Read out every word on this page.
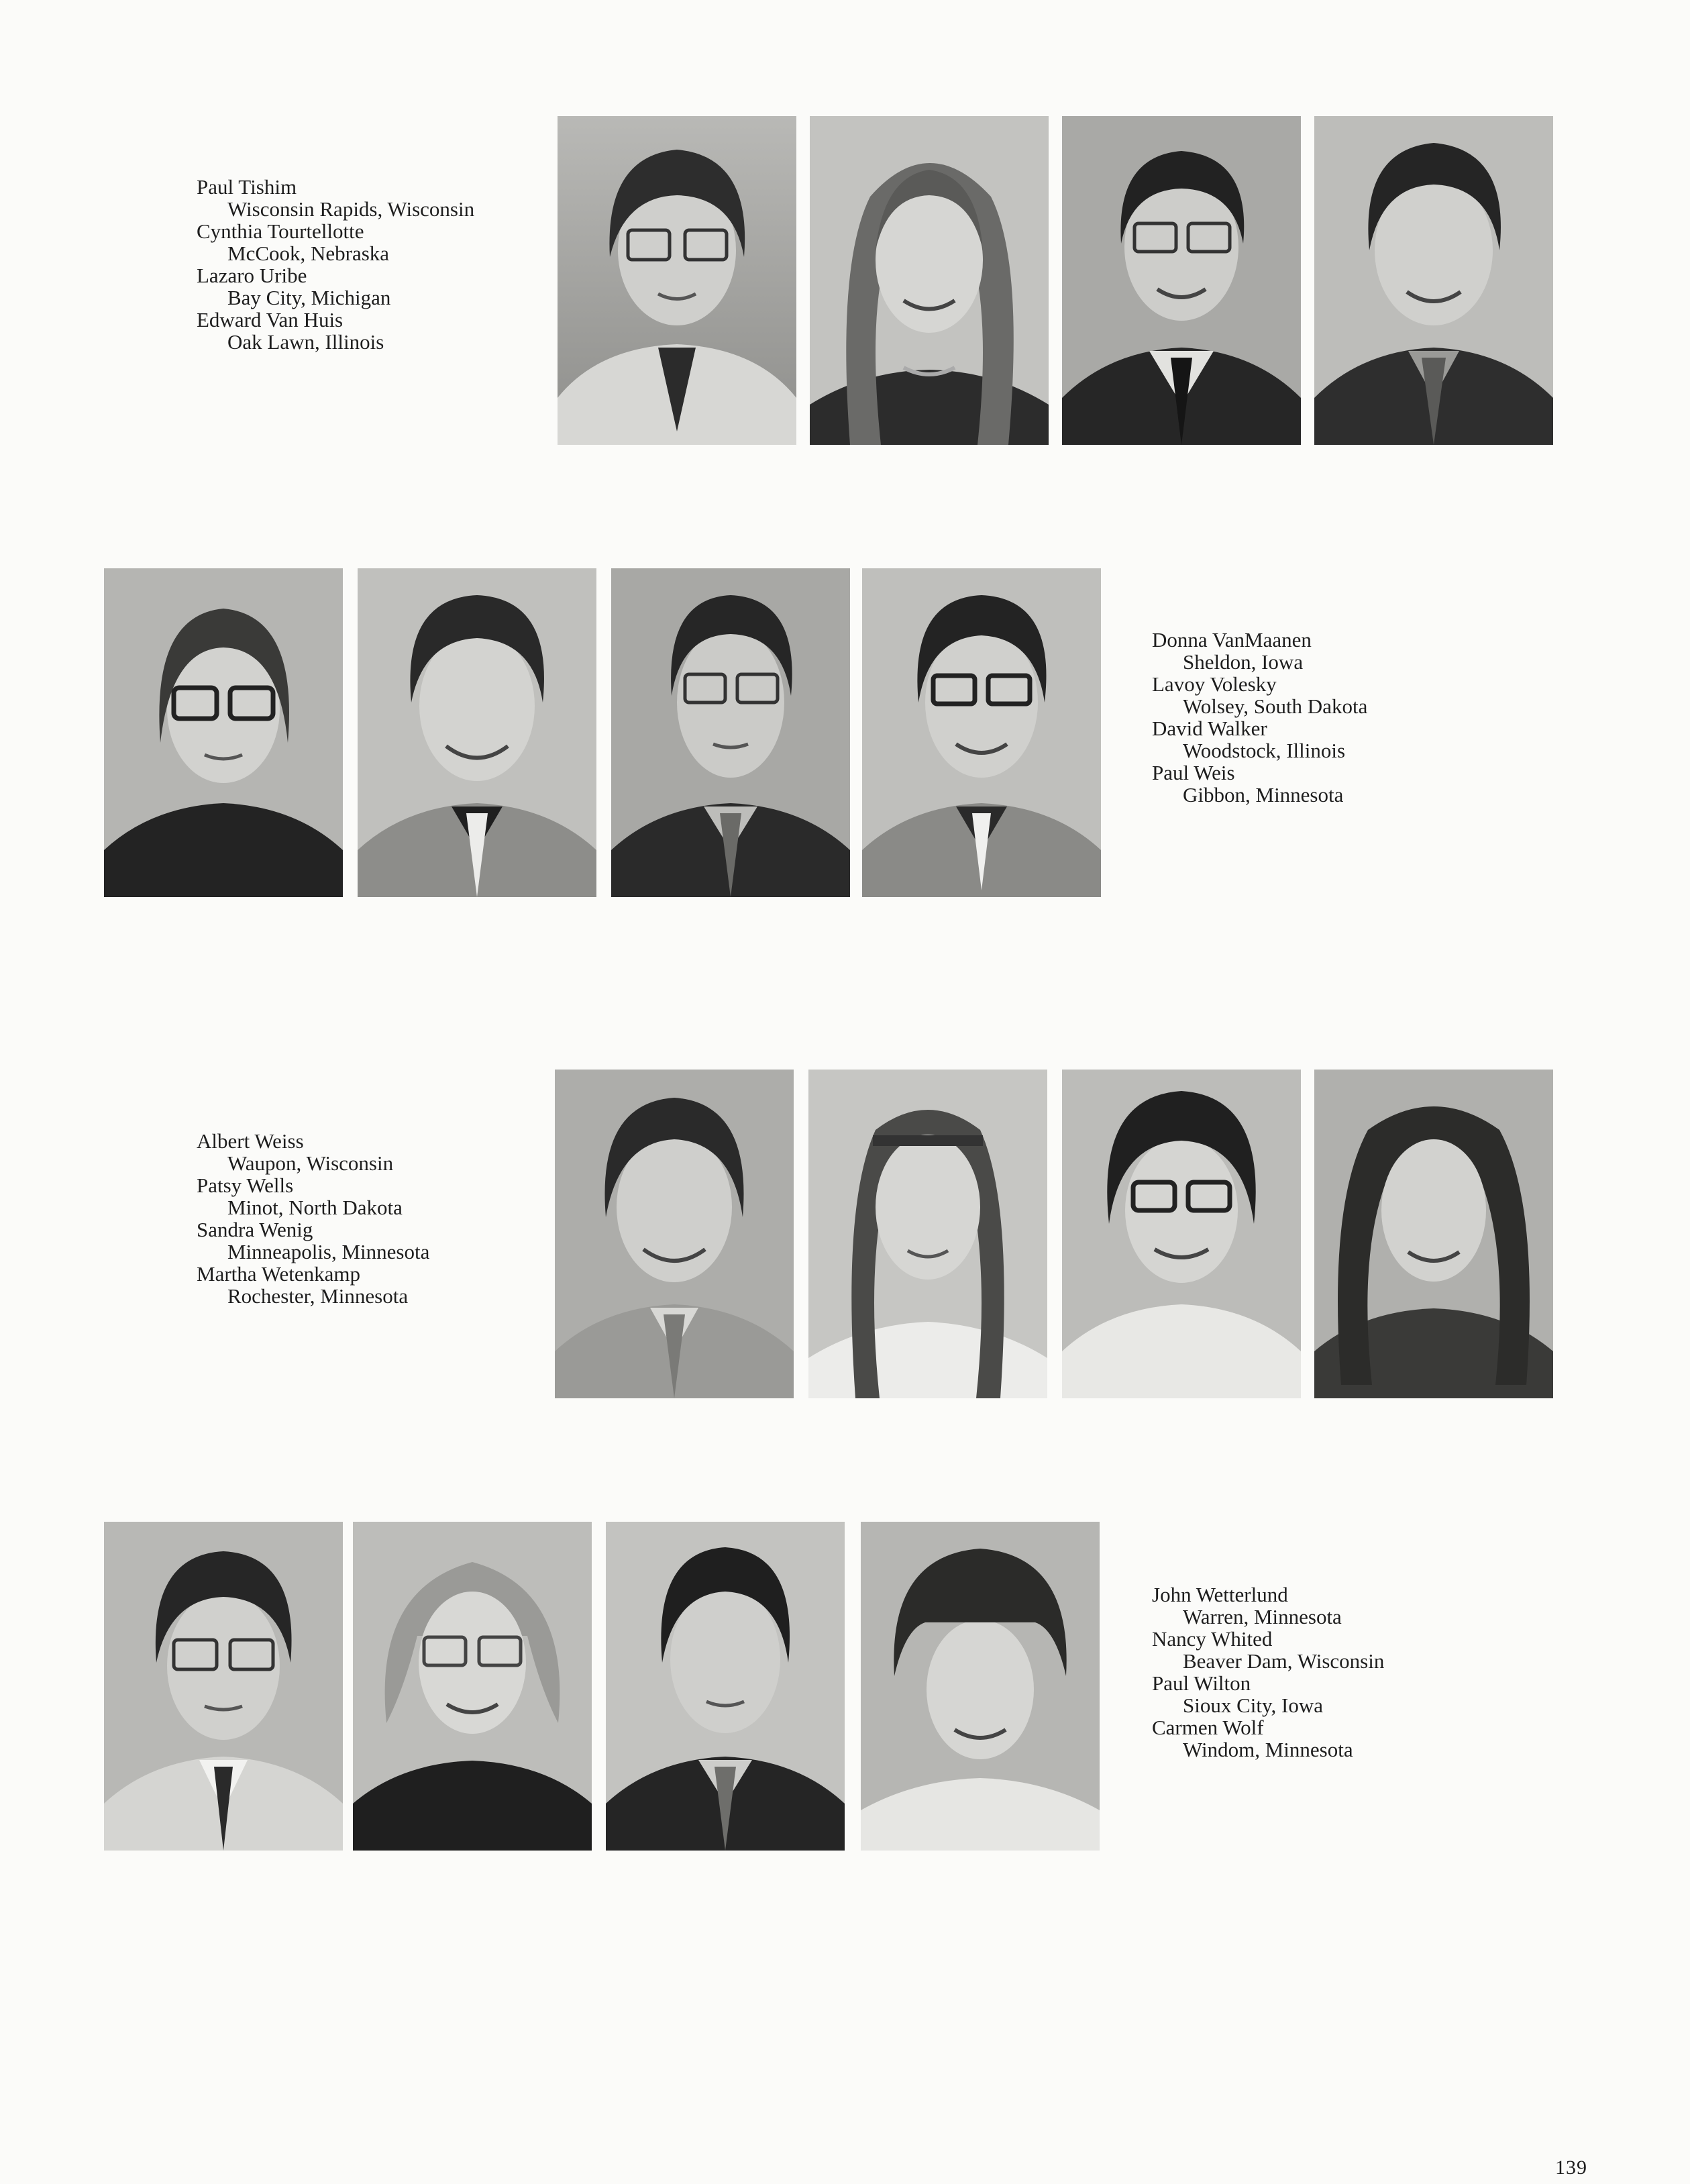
Paul Tishim
Wisconsin Rapids, Wisconsin
Cynthia Tourtellotte
McCook, Nebraska
Lazaro Uribe
Bay City, Michigan
Edward Van Huis
Oak Lawn, Illinois
Donna VanMaanen
Sheldon, Iowa
Lavoy Volesky
Wolsey, South Dakota
David Walker
Woodstock, Illinois
Paul Weis
Gibbon, Minnesota
Albert Weiss
Waupon, Wisconsin
Patsy Wells
Minot, North Dakota
Sandra Wenig
Minneapolis, Minnesota
Martha Wetenkamp
Rochester, Minnesota
John Wetterlund
Warren, Minnesota
Nancy Whited
Beaver Dam, Wisconsin
Paul Wilton
Sioux City, Iowa
Carmen Wolf
Windom, Minnesota
139
